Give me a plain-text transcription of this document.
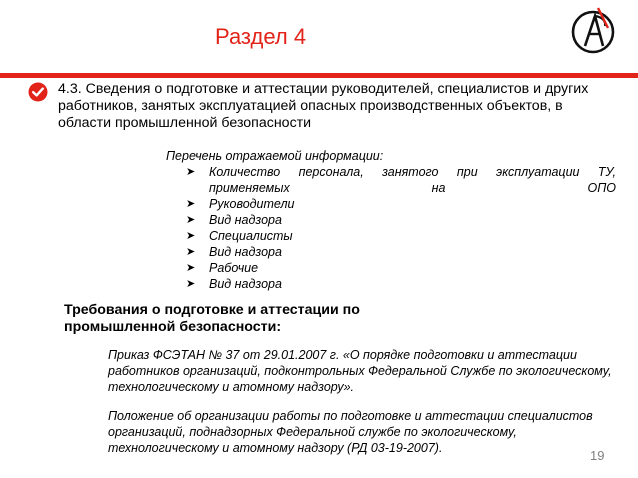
Раздел 4
4.3. Сведения о подготовке и аттестации руководителей, специалистов и других работников, занятых эксплуатацией опасных производственных объектов, в области промышленной безопасности
Перечень отражаемой информации:
➤ Количество персонала, занятого при эксплуатации ТУ, применяемых на ОПО
➤ Руководители
➤ Вид надзора
➤ Специалисты
➤ Вид надзора
➤ Рабочие
➤ Вид надзора
Требования о подготовке и аттестации по промышленной безопасности:
Приказ ФСЭТАН № 37 от 29.01.2007 г. «О порядке подготовки и аттестации работников организаций, подконтрольных Федеральной Службе по экологическому, технологическому и атомному надзору».
Положение об организации работы по подготовке и аттестации специалистов организаций, поднадзорных Федеральной службе по экологическому, технологическому и атомному надзору (РД 03-19-2007).	19
